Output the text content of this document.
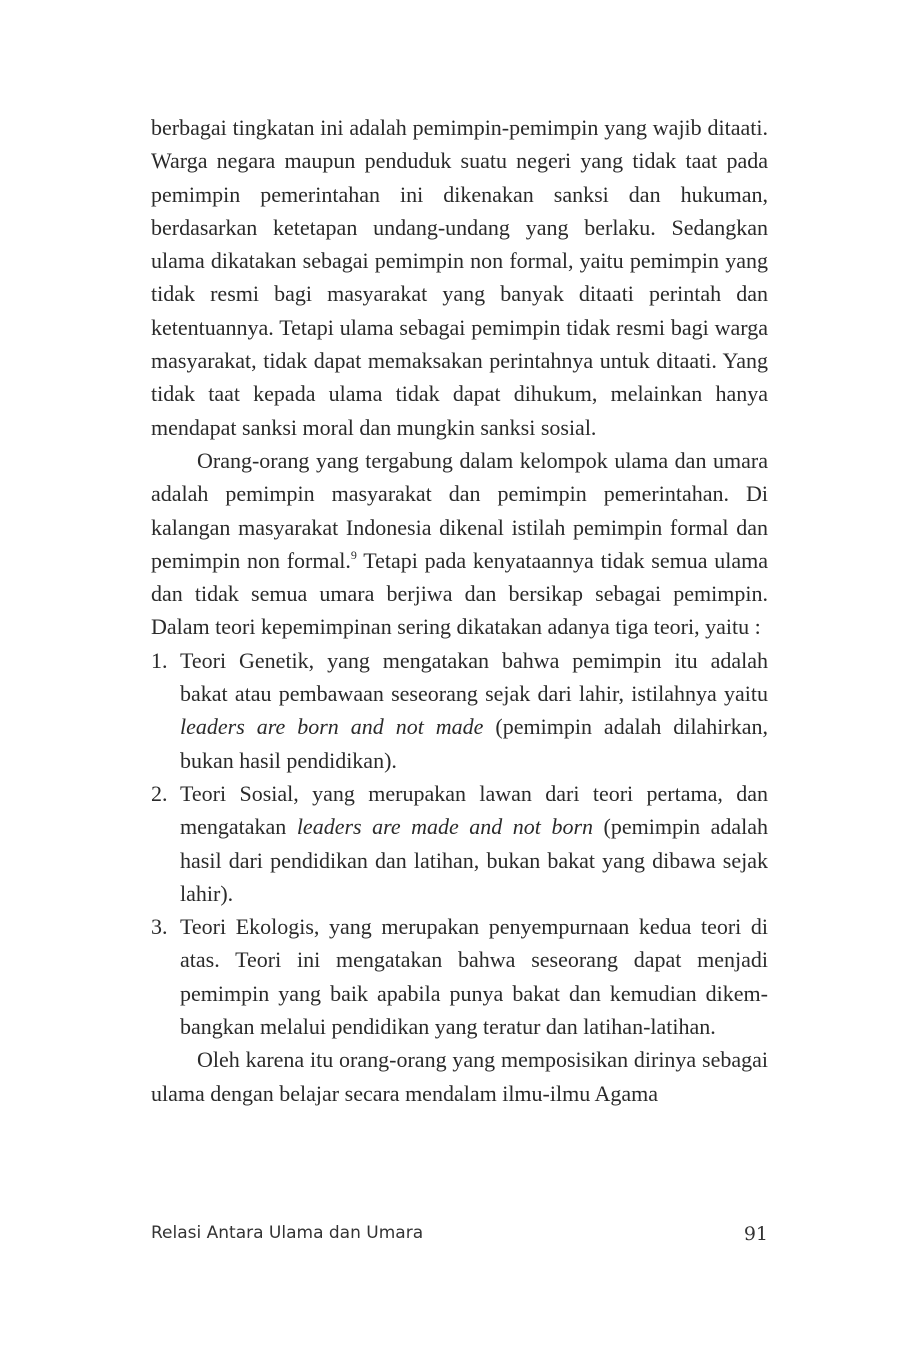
berbagai tingkatan ini adalah pemimpin-pemimpin yang wajib ditaati. Warga negara maupun penduduk suatu negeri yang tidak taat pada pemimpin pemerintahan ini dikenakan sanksi dan hukuman, berdasarkan ketetapan undang-undang yang berlaku. Sedangkan ulama dikatakan sebagai pemimpin non formal, yaitu pemimpin yang tidak resmi bagi masyarakat yang banyak ditaati perintah dan ketentuannya. Tetapi ulama sebagai pemimpin tidak resmi bagi warga masyarakat, tidak dapat memaksakan perintahnya untuk ditaati. Yang tidak taat kepada ulama tidak dapat dihukum, melainkan hanya mendapat sanksi moral dan mungkin sanksi sosial.

Orang-orang yang tergabung dalam kelompok ulama dan umara adalah pemimpin masyarakat dan pemimpin pemerintahan. Di kalangan masyarakat Indonesia dikenal istilah pemimpin formal dan pemimpin non formal.$^9$ Tetapi pada kenyataannya tidak semua ulama dan tidak semua umara berjiwa dan bersikap sebagai pemimpin. Dalam teori kepemimpinan sering dikatakan adanya tiga teori, yaitu :

1. Teori Genetik, yang mengatakan bahwa pemimpin itu adalah bakat atau pembawaan seseorang sejak dari lahir, istilahnya yaitu leaders are born and not made (pemimpin adalah dilahirkan, bukan hasil pendidikan).
2. Teori Sosial, yang merupakan lawan dari teori pertama, dan mengatakan leaders are made and not born (pemimpin adalah hasil dari pendidikan dan latihan, bukan bakat yang dibawa sejak lahir).
3. Teori Ekologis, yang merupakan penyempurnaan kedua teori di atas. Teori ini mengatakan bahwa seseorang dapat menjadi pemimpin yang baik apabila punya bakat dan kemudian dikembangkan melalui pendidikan yang teratur dan latihan-latihan.

Oleh karena itu orang-orang yang memposisikan dirinya sebagai ulama dengan belajar secara mendalam ilmu-ilmu Agama

Relasi Antara Ulama dan Umara	91
